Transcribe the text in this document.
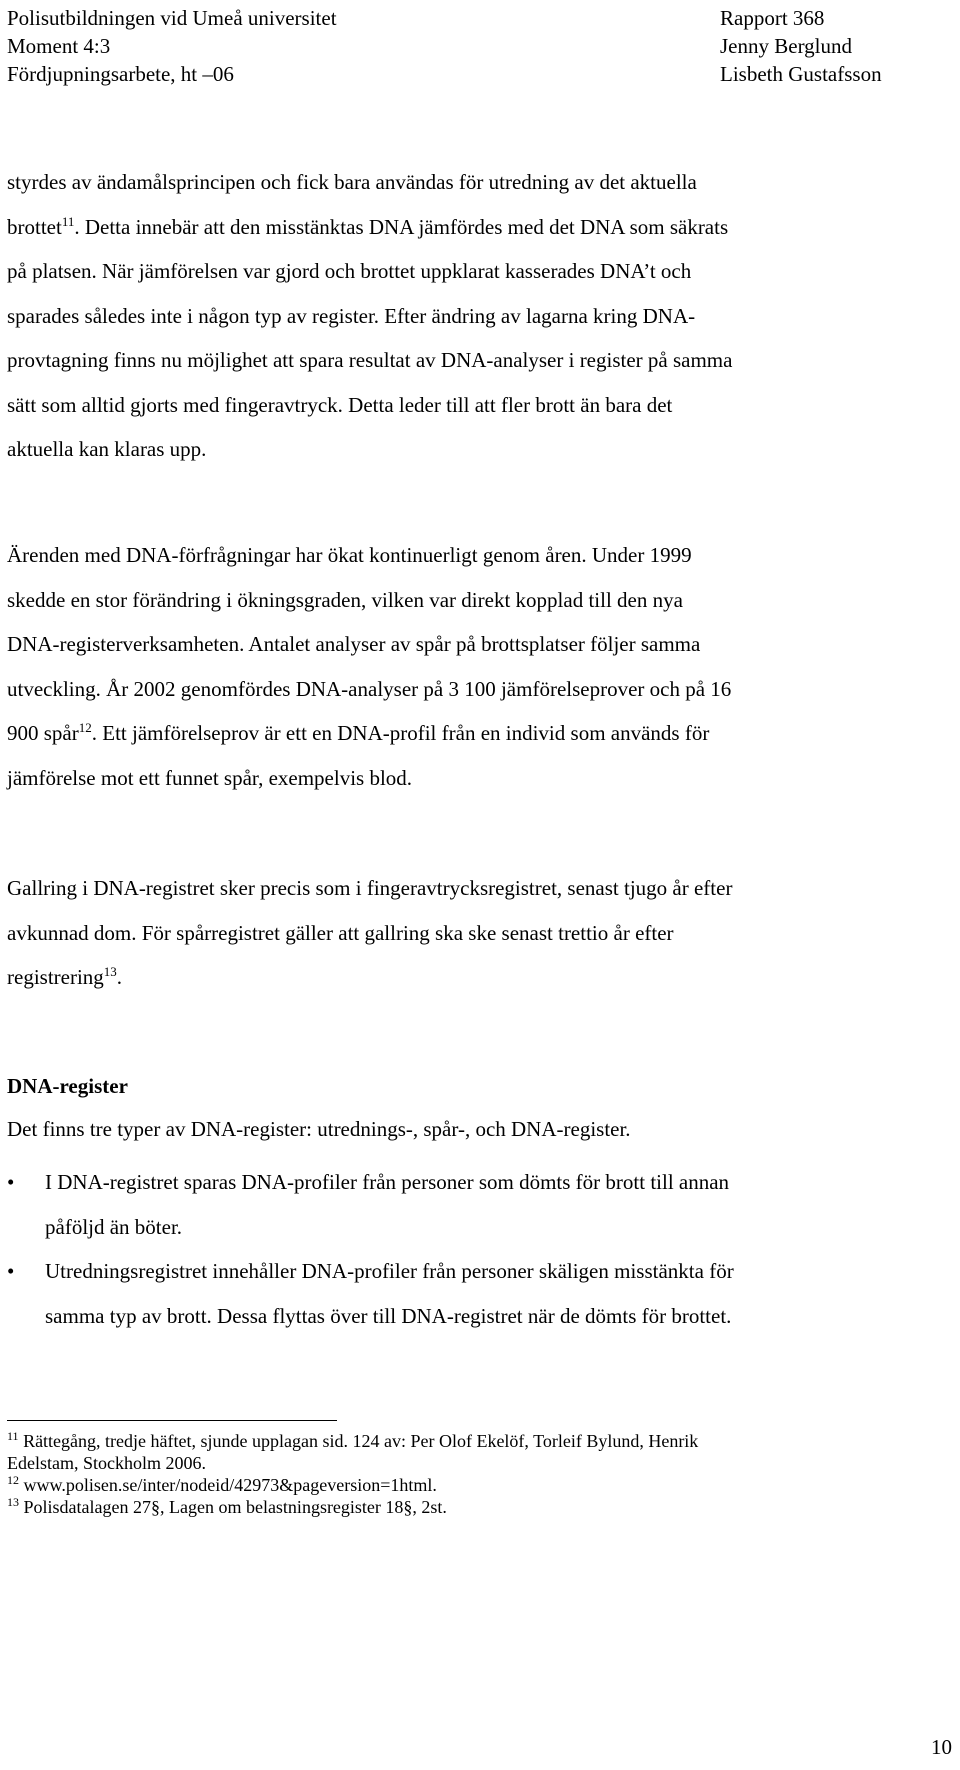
Polisutbildningen vid Umeå universitet	Rapport 368
Moment 4:3	Jenny Berglund
Fördjupningsarbete, ht –06	Lisbeth Gustafsson
styrdes av ändamålsprincipen och fick bara användas för utredning av det aktuella
brottet$^{11}$. Detta innebär att den misstänktas DNA jämfördes med det DNA som säkrats
på platsen. När jämförelsen var gjord och brottet uppklarat kasserades DNA’t och
sparades således inte i någon typ av register. Efter ändring av lagarna kring DNA-
provtagning finns nu möjlighet att spara resultat av DNA-analyser i register på samma
sätt som alltid gjorts med fingeravtryck. Detta leder till att fler brott än bara det
aktuella kan klaras upp.
Ärenden med DNA-förfrågningar har ökat kontinuerligt genom åren. Under 1999
skedde en stor förändring i ökningsgraden, vilken var direkt kopplad till den nya
DNA-registerverksamheten. Antalet analyser av spår på brottsplatser följer samma
utveckling. År 2002 genomfördes DNA-analyser på 3 100 jämförelseprover och på 16
900 spår$^{12}$. Ett jämförelseprov är ett en DNA-profil från en individ som används för
jämförelse mot ett funnet spår, exempelvis blod.
Gallring i DNA-registret sker precis som i fingeravtrycksregistret, senast tjugo år efter
avkunnad dom. För spårregistret gäller att gallring ska ske senast trettio år efter
registrering$^{13}$.
DNA-register
Det finns tre typer av DNA-register: utrednings-, spår-, och DNA-register.
• I DNA-registret sparas DNA-profiler från personer som dömts för brott till annan
påföljd än böter.
• Utredningsregistret innehåller DNA-profiler från personer skäligen misstänkta för
samma typ av brott. Dessa flyttas över till DNA-registret när de dömts för brottet.
$^{11}$ Rättegång, tredje häftet, sjunde upplagan sid. 124 av: Per Olof Ekelöf, Torleif Bylund, Henrik
Edelstam, Stockholm 2006.
$^{12}$ www.polisen.se/inter/nodeid/42973&pageversion=1html.
$^{13}$ Polisdatalagen 27§, Lagen om belastningsregister 18§, 2st.
10
